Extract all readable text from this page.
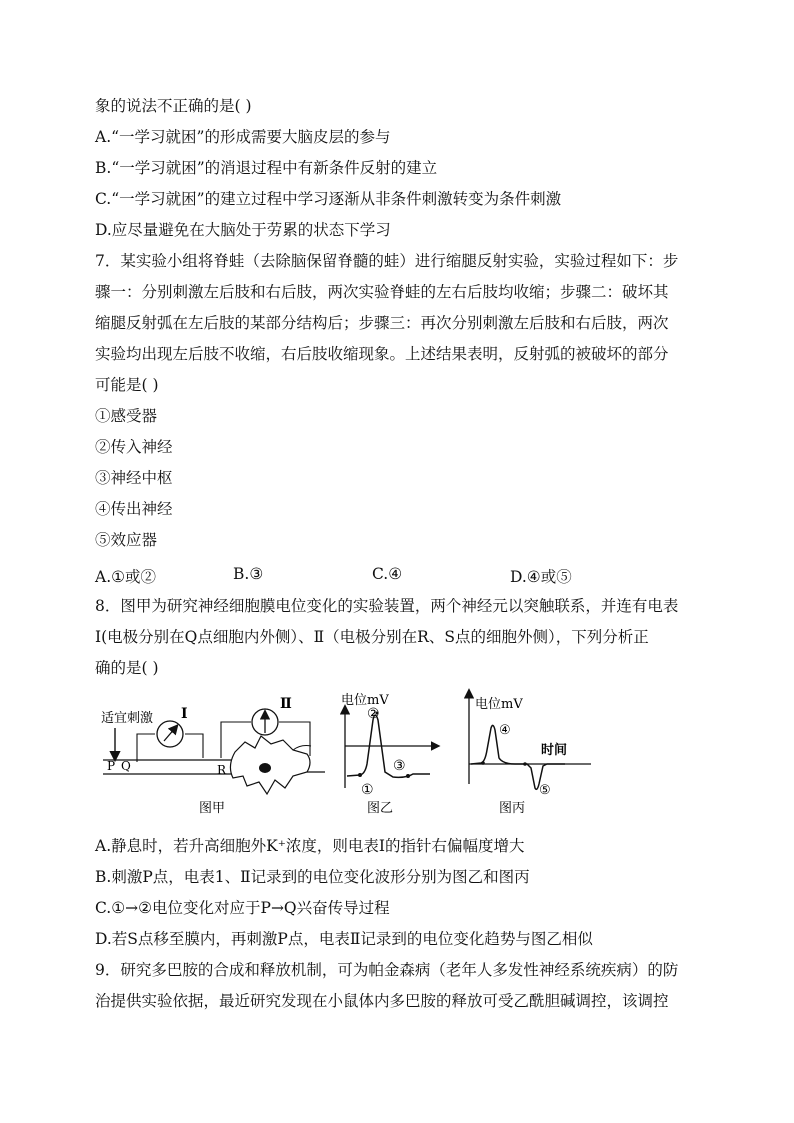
象的说法不正确的是( )
A.“一学习就困”的形成需要大脑皮层的参与
B.“一学习就困”的消退过程中有新条件反射的建立
C.“一学习就困”的建立过程中学习逐渐从非条件刺激转变为条件刺激
D.应尽量避免在大脑处于劳累的状态下学习
7．某实验小组将脊蛙（去除脑保留脊髓的蛙）进行缩腿反射实验，实验过程如下：步
骤一：分别刺激左后肢和右后肢，两次实验脊蛙的左右后肢均收缩；步骤二：破坏其
缩腿反射弧在左后肢的某部分结构后；步骤三：再次分别刺激左后肢和右后肢，两次
实验均出现左后肢不收缩，右后肢收缩现象。上述结果表明，反射弧的被破坏的部分
可能是( )
①感受器
②传入神经
③神经中枢
④传出神经
⑤效应器
A.①或②	B.③	C.④	D.④或⑤
8．图甲为研究神经细胞膜电位变化的实验装置，两个神经元以突触联系，并连有电表
Ⅰ(电极分别在Q点细胞内外侧）、Ⅱ（电极分别在R、S点的细胞外侧），下列分析正
确的是( )
适宜刺激
P Q
Ⅰ
Ⅱ
R
图甲
电位mV
①
②
③
图乙
电位mV
时间
④
⑤
图丙
A.静息时，若升高细胞外K⁺浓度，则电表Ⅰ的指针右偏幅度增大
B.刺激P点，电表1、Ⅱ记录到的电位变化波形分别为图乙和图丙
C.①→②电位变化对应于P→Q兴奋传导过程
D.若S点移至膜内，再刺激P点，电表Ⅱ记录到的电位变化趋势与图乙相似
9．研究多巴胺的合成和释放机制，可为帕金森病（老年人多发性神经系统疾病）的防
治提供实验依据，最近研究发现在小鼠体内多巴胺的释放可受乙酰胆碱调控，该调控
